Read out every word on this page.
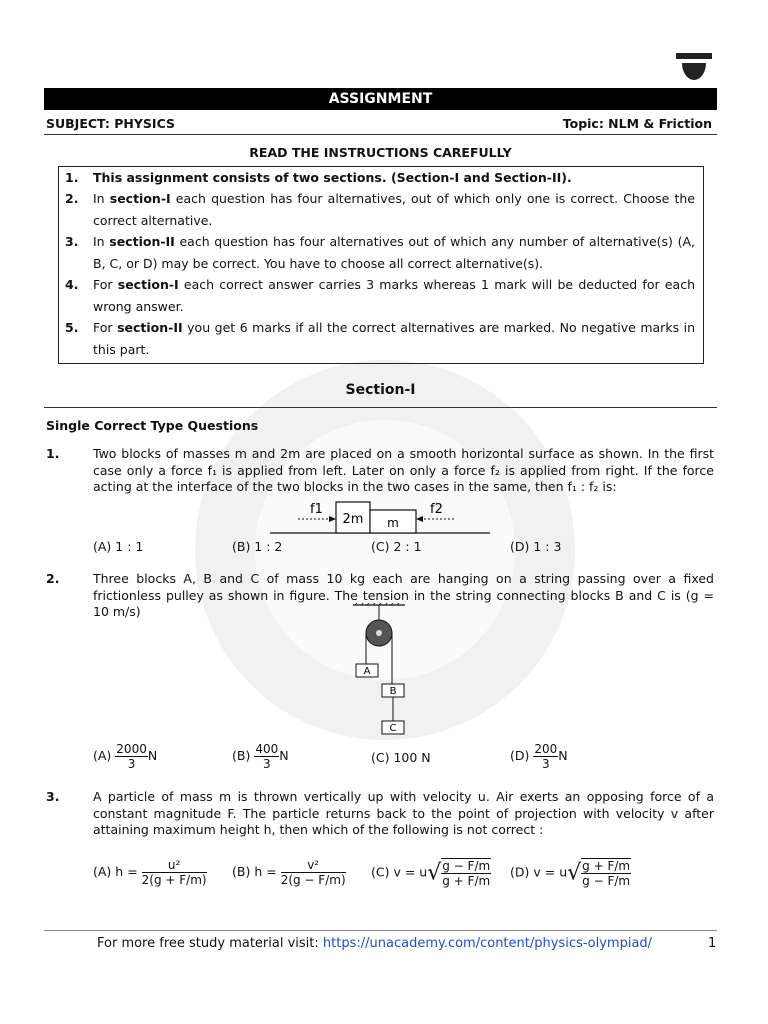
ASSIGNMENT
SUBJECT: PHYSICS	Topic: NLM & Friction
READ THE INSTRUCTIONS CAREFULLY
1. This assignment consists of two sections. (Section-I and Section-II).
2. In section-I each question has four alternatives, out of which only one is correct. Choose the correct alternative.
3. In section-II each question has four alternatives out of which any number of alternative(s) (A, B, C, or D) may be correct. You have to choose all correct alternative(s).
4. For section-I each correct answer carries 3 marks whereas 1 mark will be deducted for each wrong answer.
5. For section-II you get 6 marks if all the correct alternatives are marked. No negative marks in this part.
Section-I
Single Correct Type Questions
1.	Two blocks of masses m and 2m are placed on a smooth horizontal surface as shown. In the first case only a force f₁ is applied from left. Later on only a force f₂ is applied from right. If the force acting at the interface of the two blocks in the two cases in the same, then f₁ : f₂ is:
2m m
f1	f2
(A) 1 : 1	(B) 1 : 2	(C) 2 : 1	(D) 1 : 3
2.	Three blocks A, B and C of mass 10 kg each are hanging on a string passing over a fixed frictionless pulley as shown in figure. The tension in the string connecting blocks B and C is (g = 10 m/s)
A
B
C
$(A) \frac{2000}{3}$ N	$(B) \frac{400}{3}$ N	(C) 100 N	$(D) \frac{200}{3}$ N
3.	A particle of mass m is thrown vertically up with velocity u. Air exerts an opposing force of a constant magnitude F. The particle returns back to the point of projection with velocity v after attaining maximum height h, then which of the following is not correct :
(A) $h = \frac{\text{u²}}{2(g + F/m)} (B) h = \frac{\text{v²}}{2(g - F/m)} (C) v = u√ \frac{g - F/m}{g + F/m} (D) v = u√ \frac{g + F/m}{g - F/m}$
For more free study material visit: https://unacademy.com/content/physics-olympiad/	1
